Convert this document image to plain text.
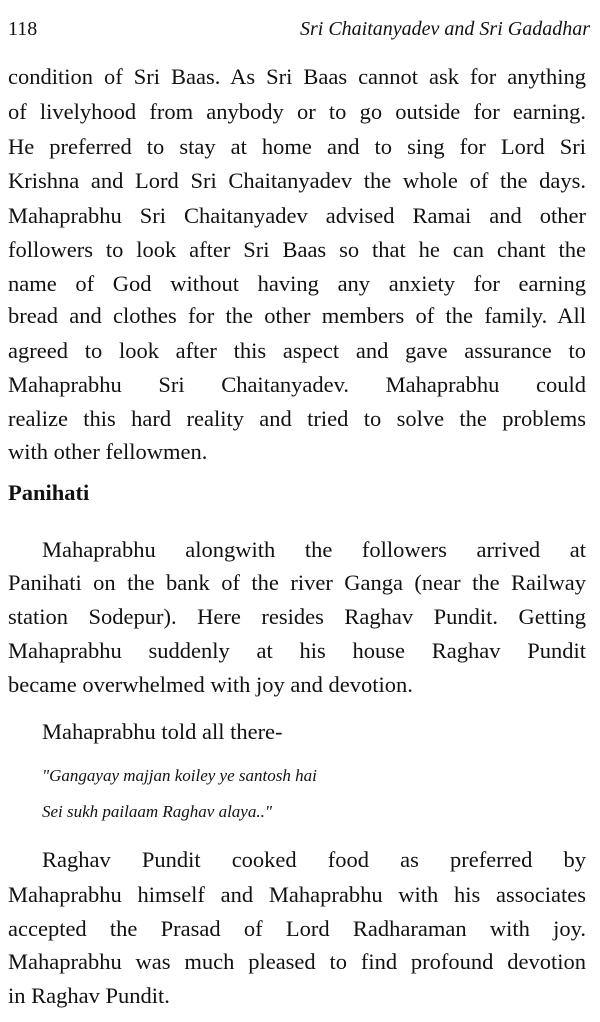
118	Sri Chaitanyadev and Sri Gadadhar
condition of Sri Baas. As Sri Baas cannot ask for anything
of livelyhood from anybody or to go outside for earning.
He preferred to stay at home and to sing for Lord Sri
Krishna and Lord Sri Chaitanyadev the whole of the days.
Mahaprabhu Sri Chaitanyadev advised Ramai and other
followers to look after Sri Baas so that he can chant the
name of God without having any anxiety for earning
bread and clothes for the other members of the family. All
agreed to look after this aspect and gave assurance to
Mahaprabhu Sri Chaitanyadev. Mahaprabhu could
realize this hard reality and tried to solve the problems
with other fellowmen.
Panihati
Mahaprabhu alongwith the followers arrived at
Panihati on the bank of the river Ganga (near the Railway
station Sodepur). Here resides Raghav Pundit. Getting
Mahaprabhu suddenly at his house Raghav Pundit
became overwhelmed with joy and devotion.
Mahaprabhu told all there-
"Gangayay majjan koiley ye santosh hai
Sei sukh pailaam Raghav alaya.."
Raghav Pundit cooked food as preferred by
Mahaprabhu himself and Mahaprabhu with his associates
accepted the Prasad of Lord Radharaman with joy.
Mahaprabhu was much pleased to find profound devotion
in Raghav Pundit.
